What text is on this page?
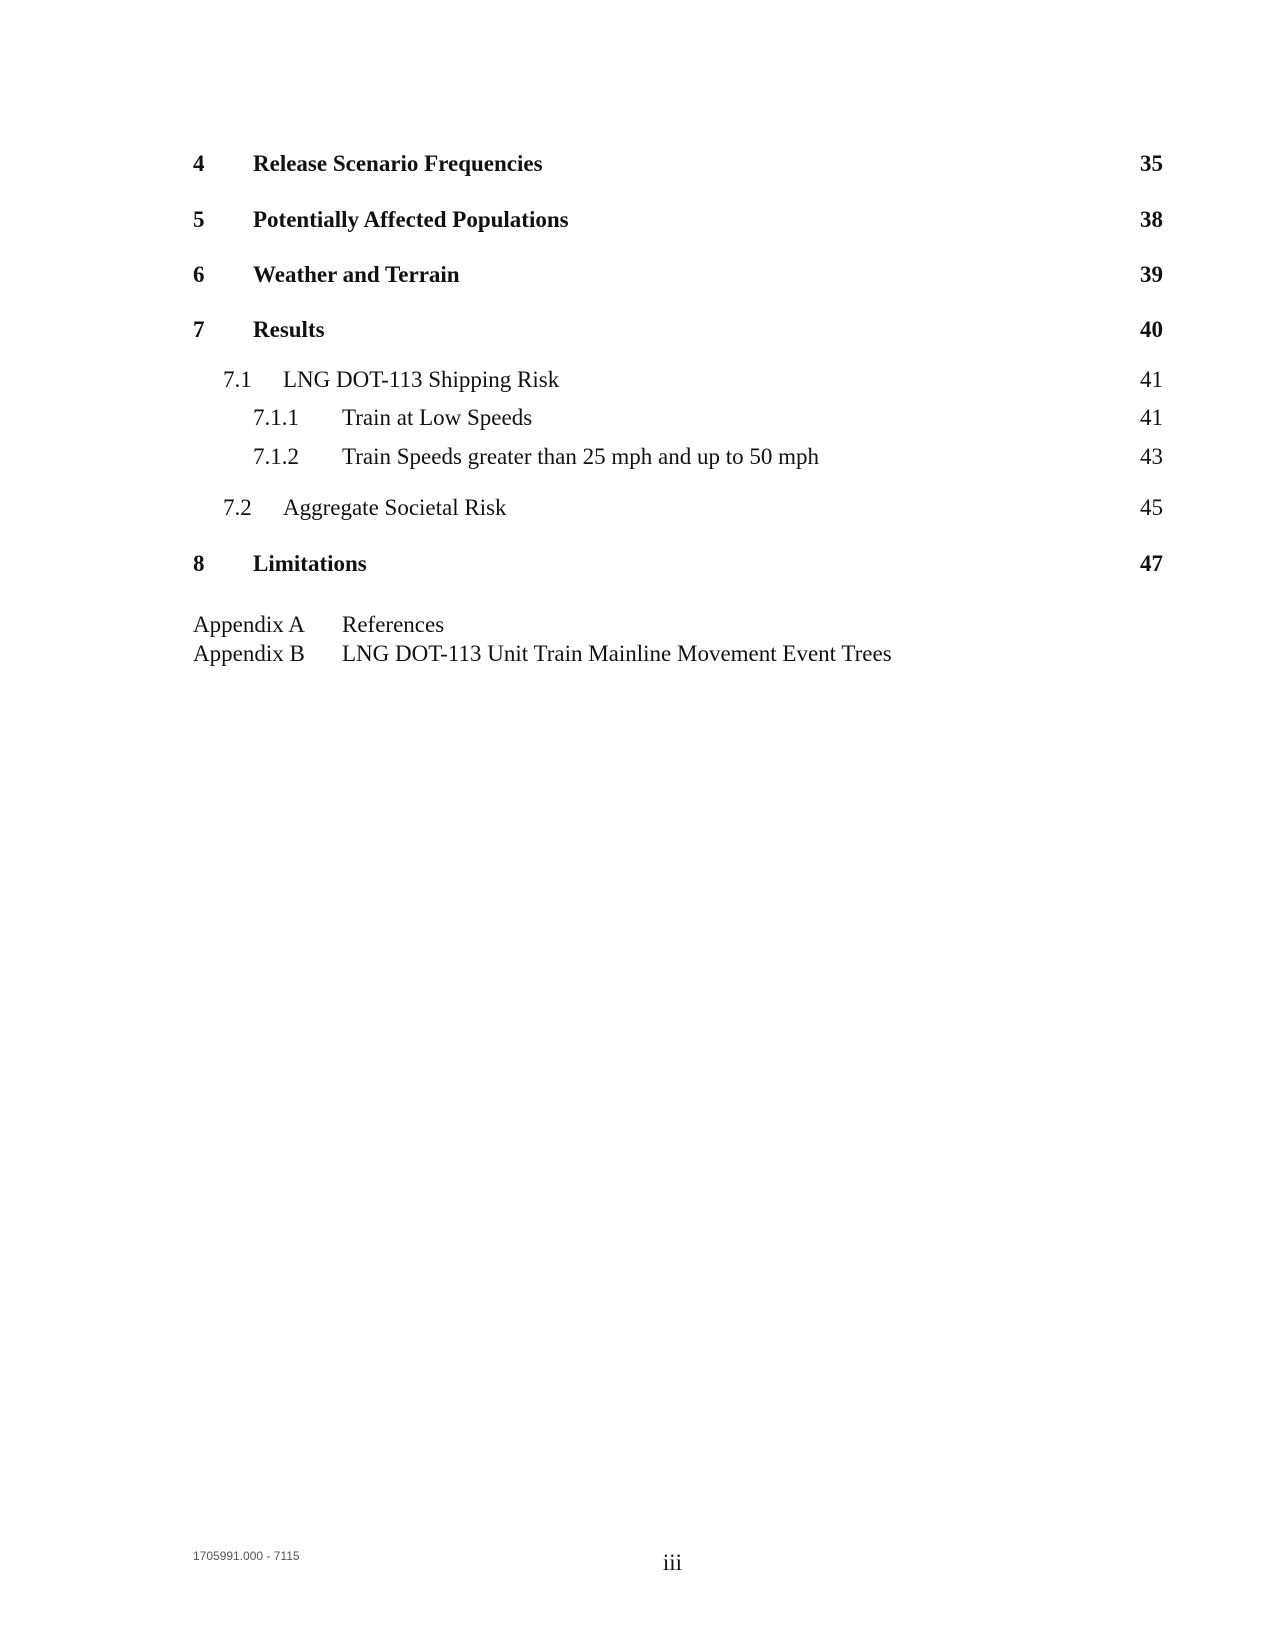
4 Release Scenario Frequencies	35
5 Potentially Affected Populations	38
6 Weather and Terrain	39
7 Results	40
7.1 LNG DOT-113 Shipping Risk	41
7.1.1 Train at Low Speeds	41
7.1.2 Train Speeds greater than 25 mph and up to 50 mph	43
7.2 Aggregate Societal Risk	45
8 Limitations	47
Appendix A References
Appendix B LNG DOT-113 Unit Train Mainline Movement Event Trees
1705991.000 - 7115	iii
